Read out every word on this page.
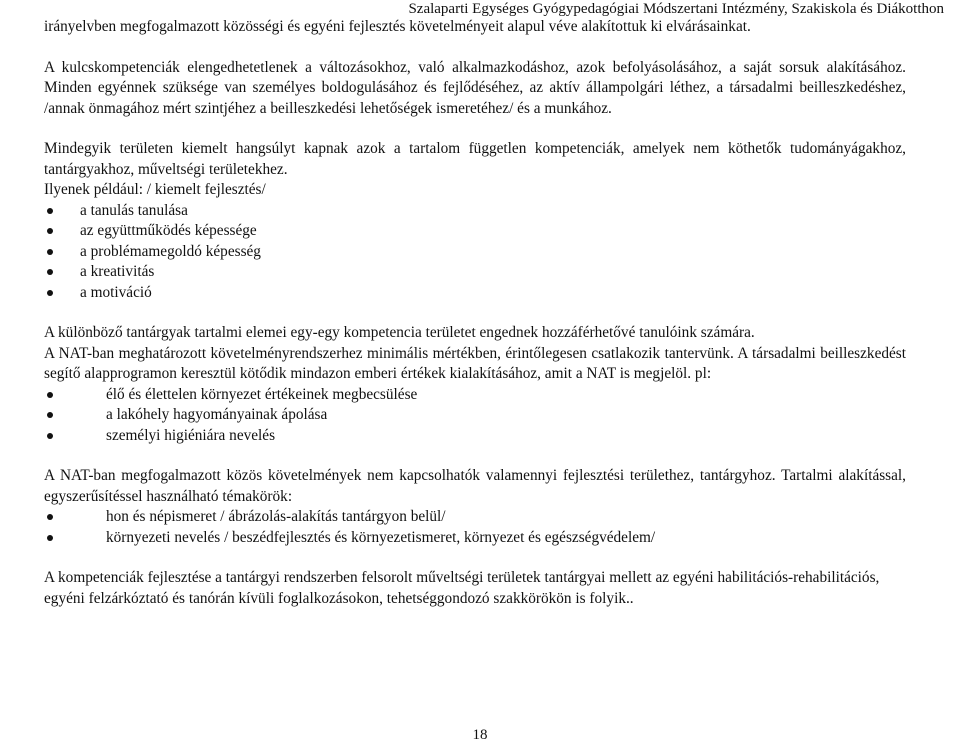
Szalaparti Egységes Gyógypedagógiai Módszertani Intézmény, Szakiskola és Diákotthon

irányelvben megfogalmazott közösségi és egyéni fejlesztés követelményeit alapul véve alakítottuk ki elvárásainkat.

A kulcskompetenciák elengedhetetlenek a változásokhoz, való alkalmazkodáshoz, azok befolyásolásához, a saját sorsuk alakításához. Minden egyénnek szüksége van személyes boldogulásához és fejlődéséhez, az aktív állampolgári léthez, a társadalmi beilleszkedéshez, /annak önmagához mért szintjéhez a beilleszkedési lehetőségek ismeretéhez/ és a munkához.

Mindegyik területen kiemelt hangsúlyt kapnak azok a tartalom független kompetenciák, amelyek nem köthetők tudományágakhoz, tantárgyakhoz, műveltségi területekhez.

Ilyenek például: / kiemelt fejlesztés/

a tanulás tanulása
az együttműködés képessége
a problémamegoldó képesség
a kreativitás
a motiváció

A különböző tantárgyak tartalmi elemei egy-egy kompetencia területet engednek hozzáférhetővé tanulóink számára.

A NAT-ban meghatározott követelményrendszerhez minimális mértékben, érintőlegesen csatlakozik tantervünk. A társadalmi beilleszkedést segítő alapprogramon keresztül kötődik mindazon emberi értékek kialakításához, amit a NAT is megjelöl. pl:

élő és élettelen környezet értékeinek megbecsülése
a lakóhely hagyományainak ápolása
személyi higiéniára nevelés

A NAT-ban megfogalmazott közös követelmények nem kapcsolhatók valamennyi fejlesztési területhez, tantárgyhoz. Tartalmi alakítással, egyszerűsítéssel használható témakörök:

hon és népismeret / ábrázolás-alakítás tantárgyon belül/
környezeti nevelés / beszédfejlesztés és környezetismeret, környezet és egészségvédelem/

A kompetenciák fejlesztése a tantárgyi rendszerben felsorolt műveltségi területek tantárgyai mellett az egyéni habilitációs-rehabilitációs, egyéni felzárkóztató és tanórán kívüli foglalkozásokon, tehetséggondozó szakkörökön is folyik..

18
